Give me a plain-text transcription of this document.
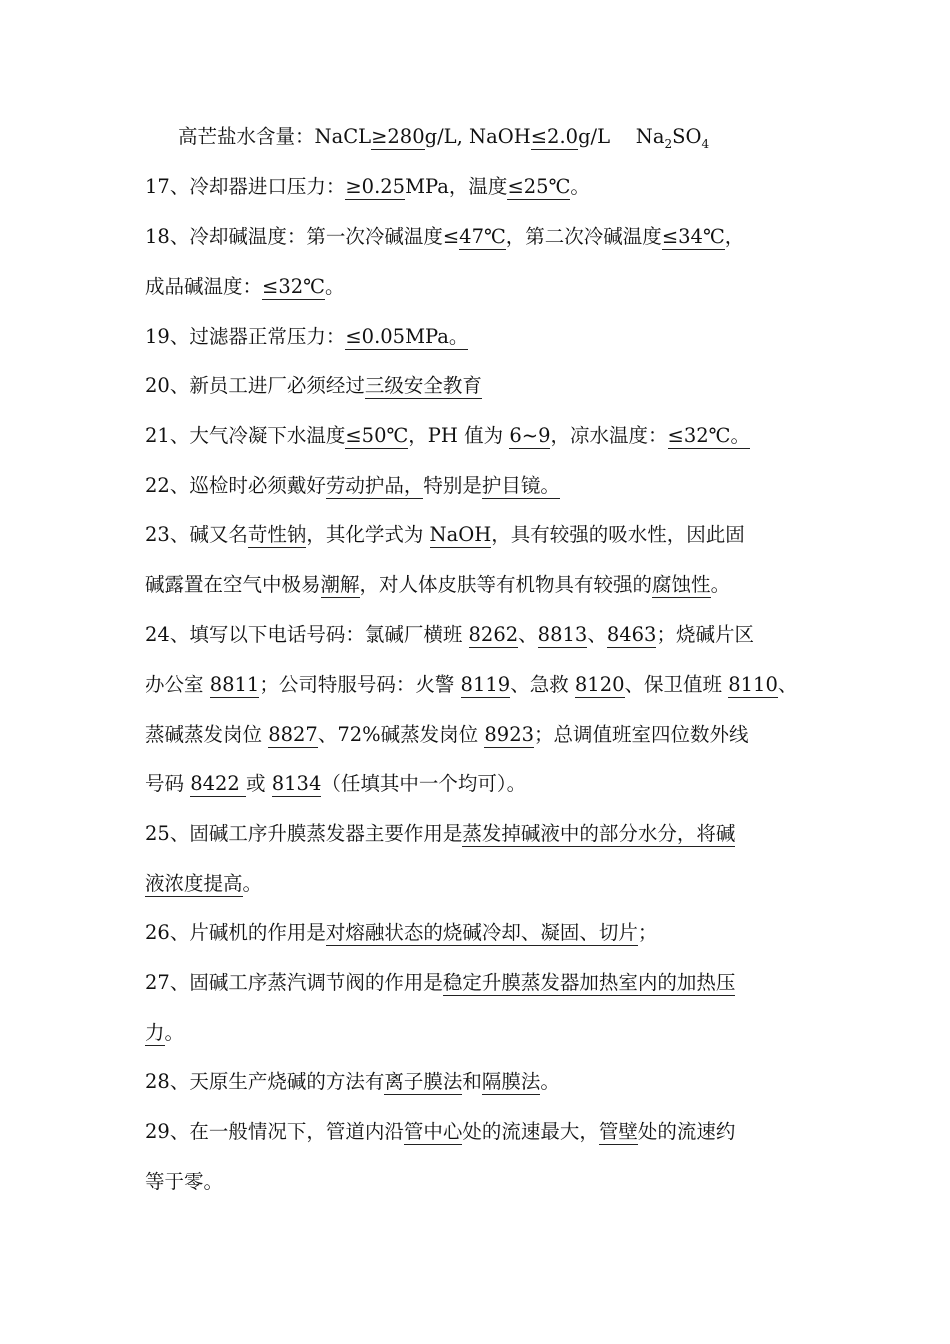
高芒盐水含量：NaCL≥280g/L, NaOH≤2.0g/L　 $Na_2SO_4$
17、冷却器进口压力：≥0.25MPa，温度≤25℃。
18、冷却碱温度：第一次冷碱温度≤47℃，第二次冷碱温度≤34℃，
成品碱温度：≤32℃。
19、过滤器正常压力：≤0.05MPa。
20、新员工进厂必须经过三级安全教育
21、大气冷凝下水温度≤50℃，PH 值为 6~9，凉水温度：≤32℃。
22、巡检时必须戴好劳动护品，特别是护目镜。
23、碱又名苛性钠，其化学式为 NaOH，具有较强的吸水性，因此固
碱露置在空气中极易潮解，对人体皮肤等有机物具有较强的腐蚀性。
24、填写以下电话号码：氯碱厂横班 8262、8813、8463；烧碱片区
办公室 8811；公司特服号码：火警 8119、急救 8120、保卫值班 8110、
蒸碱蒸发岗位 8827、72%碱蒸发岗位 8923；总调值班室四位数外线
号码 8422 或 8134（任填其中一个均可）。
25、固碱工序升膜蒸发器主要作用是蒸发掉碱液中的部分水分，将碱
液浓度提高。
26、片碱机的作用是对熔融状态的烧碱冷却、凝固、切片；
27、固碱工序蒸汽调节阀的作用是稳定升膜蒸发器加热室内的加热压
力。
28、天原生产烧碱的方法有离子膜法和隔膜法。
29、在一般情况下，管道内沿管中心处的流速最大，管壁处的流速约
等于零。
